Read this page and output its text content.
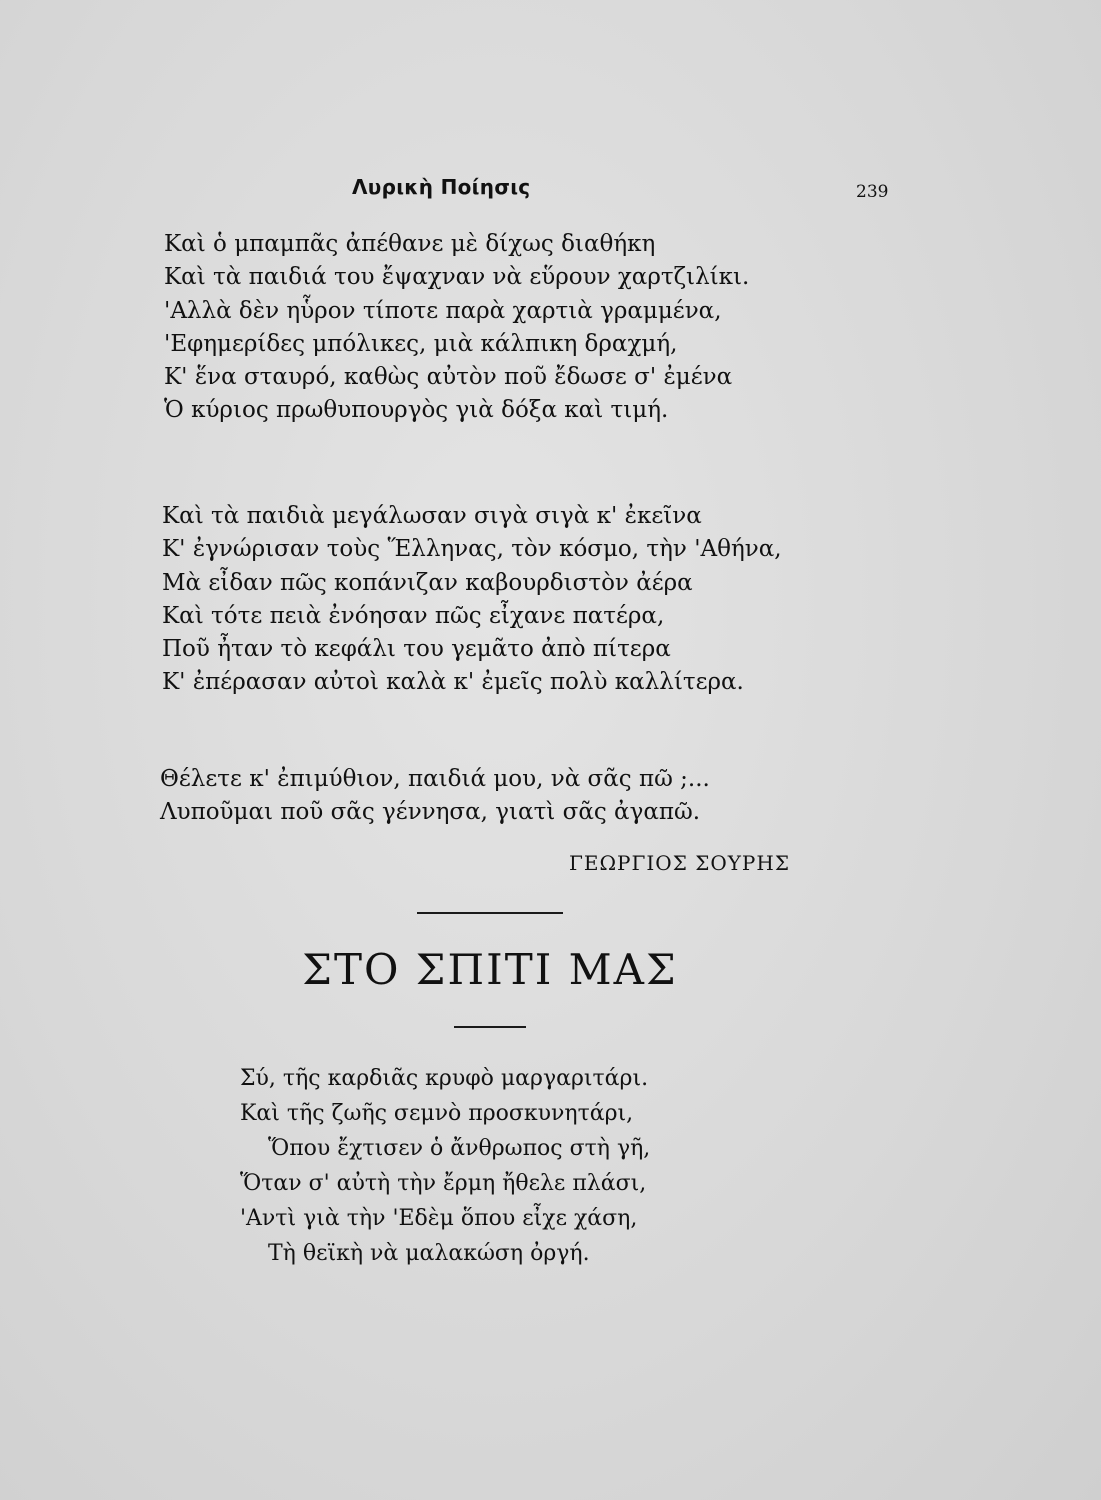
Λυρικὴ Ποίησις	239
Καὶ ὁ μπαμπᾶς ἀπέθανε μὲ δίχως διαθήκη
Καὶ τὰ παιδιά του ἔψαχναν νὰ εὕρουν χαρτζιλίκι.
'Αλλὰ δὲν ηὗρον τίποτε παρὰ χαρτιὰ γραμμένα,
'Εφημερίδες μπόλικες, μιὰ κάλπικη δραχμή,
Κ' ἕνα σταυρό, καθὼς αὐτὸν ποῦ ἔδωσε σ' ἐμένα
Ὁ κύριος πρωθυπουργὸς γιὰ δόξα καὶ τιμή.
Καὶ τὰ παιδιὰ μεγάλωσαν σιγὰ σιγὰ κ' ἐκεῖνα
Κ' ἐγνώρισαν τοὺς Ἕλληνας, τὸν κόσμο, τὴν 'Αθήνα,
Μὰ εἶδαν πῶς κοπάνιζαν καβουρδιστὸν ἀέρα
Καὶ τότε πειὰ ἐνόησαν πῶς εἶχανε πατέρα,
Ποῦ ἦταν τὸ κεφάλι του γεμᾶτο ἀπὸ πίτερα
Κ' ἐπέρασαν αὐτοὶ καλὰ κ' ἐμεῖς πολὺ καλλίτερα.
Θέλετε κ' ἐπιμύθιον, παιδιά μου, νὰ σᾶς πῶ ;...
Λυποῦμαι ποῦ σᾶς γέννησα, γιατὶ σᾶς ἀγαπῶ.
ΓΕΩΡΓΙΟΣ ΣΟΥΡΗΣ
ΣΤΟ ΣΠΙΤΙ ΜΑΣ
Σύ, τῆς καρδιᾶς κρυφὸ μαργαριτάρι.
Καὶ τῆς ζωῆς σεμνὸ προσκυνητάρι,
Ὅπου ἔχτισεν ὁ ἄνθρωπος στὴ γῆ,
Ὅταν σ' αὐτὴ τὴν ἔρμη ἤθελε πλάσι,
'Αντὶ γιὰ τὴν 'Εδὲμ ὅπου εἶχε χάση,
Τὴ θεϊκὴ νὰ μαλακώση ὀργή.
